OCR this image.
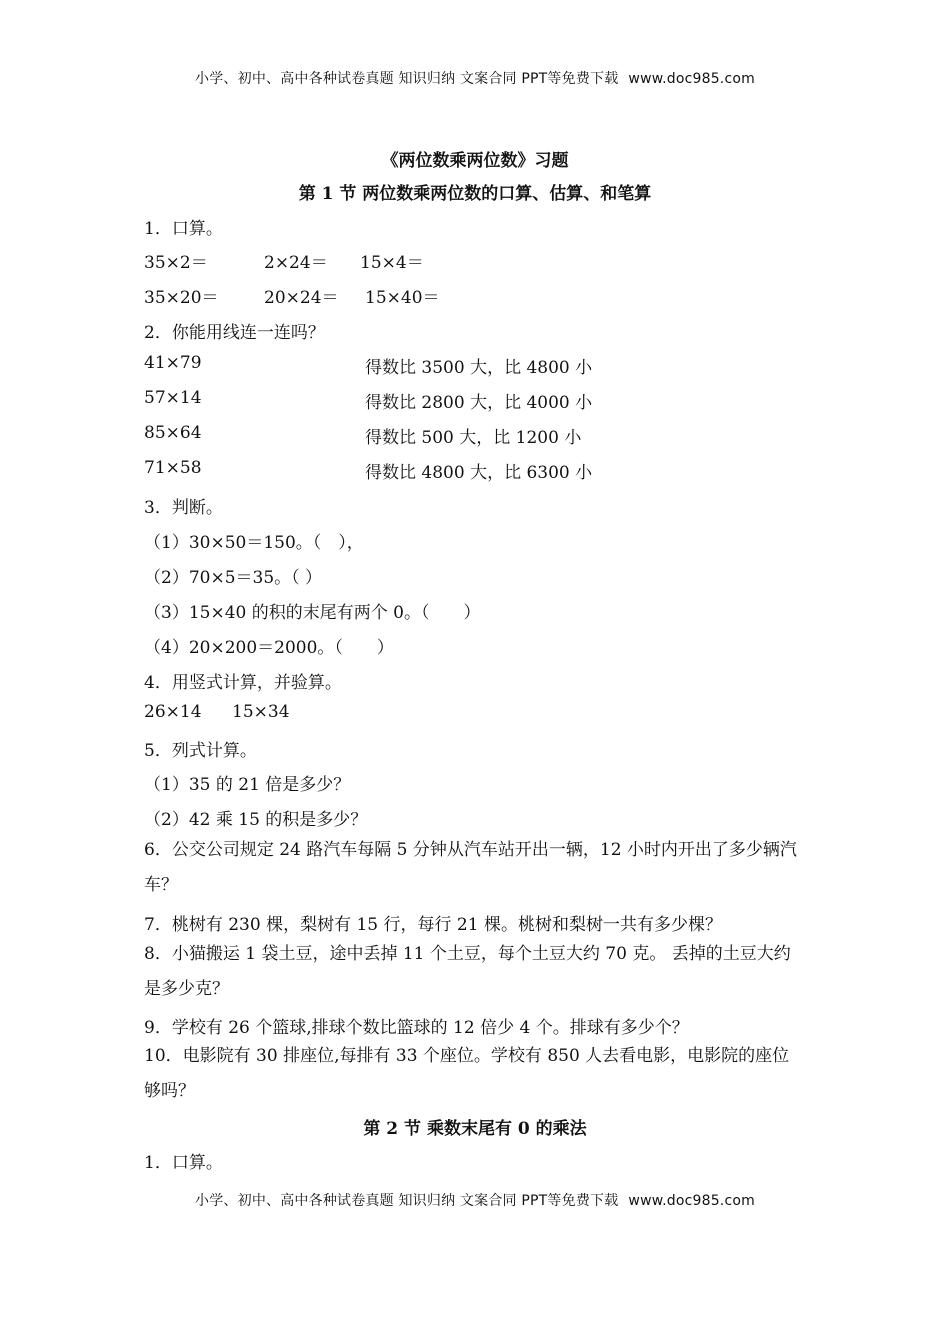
小学、初中、高中各种试卷真题 知识归纳 文案合同 PPT等免费下载 www.doc985.com
《两位数乘两位数》习题
第 1 节 两位数乘两位数的口算、估算、和笔算
1．口算。
35×2＝	2×24＝ 15×4＝
35×20＝	20×24＝ 15×40＝
2．你能用线连一连吗？
41×79	得数比 3500 大，比 4800 小
57×14	得数比 2800 大，比 4000 小
85×64	得数比 500 大，比 1200 小
71×58	得数比 4800 大，比 6300 小
3．判断。
（1）30×50＝150。（　），
（2）70×5＝35。（ ）
（3）15×40 的积的末尾有两个 0。（　　）
（4）20×200＝2000。（　　）
4．用竖式计算，并验算。
26×14 15×34
5．列式计算。
（1）35 的 21 倍是多少？
（2）42 乘 15 的积是多少？
6．公交公司规定 24 路汽车每隔 5 分钟从汽车站开出一辆，12 小时内开出了多少辆汽车？
7．桃树有 230 棵，梨树有 15 行，每行 21 棵。桃树和梨树一共有多少棵？
8．小猫搬运 1 袋土豆，途中丢掉 11 个土豆，每个土豆大约 70 克。 丢掉的土豆大约是多少克？
9．学校有 26 个篮球,排球个数比篮球的 12 倍少 4 个。排球有多少个？
10．电影院有 30 排座位,每排有 33 个座位。学校有 850 人去看电影，电影院的座位够吗？
第 2 节 乘数末尾有 0 的乘法
1．口算。
小学、初中、高中各种试卷真题 知识归纳 文案合同 PPT等免费下载 www.doc985.com
